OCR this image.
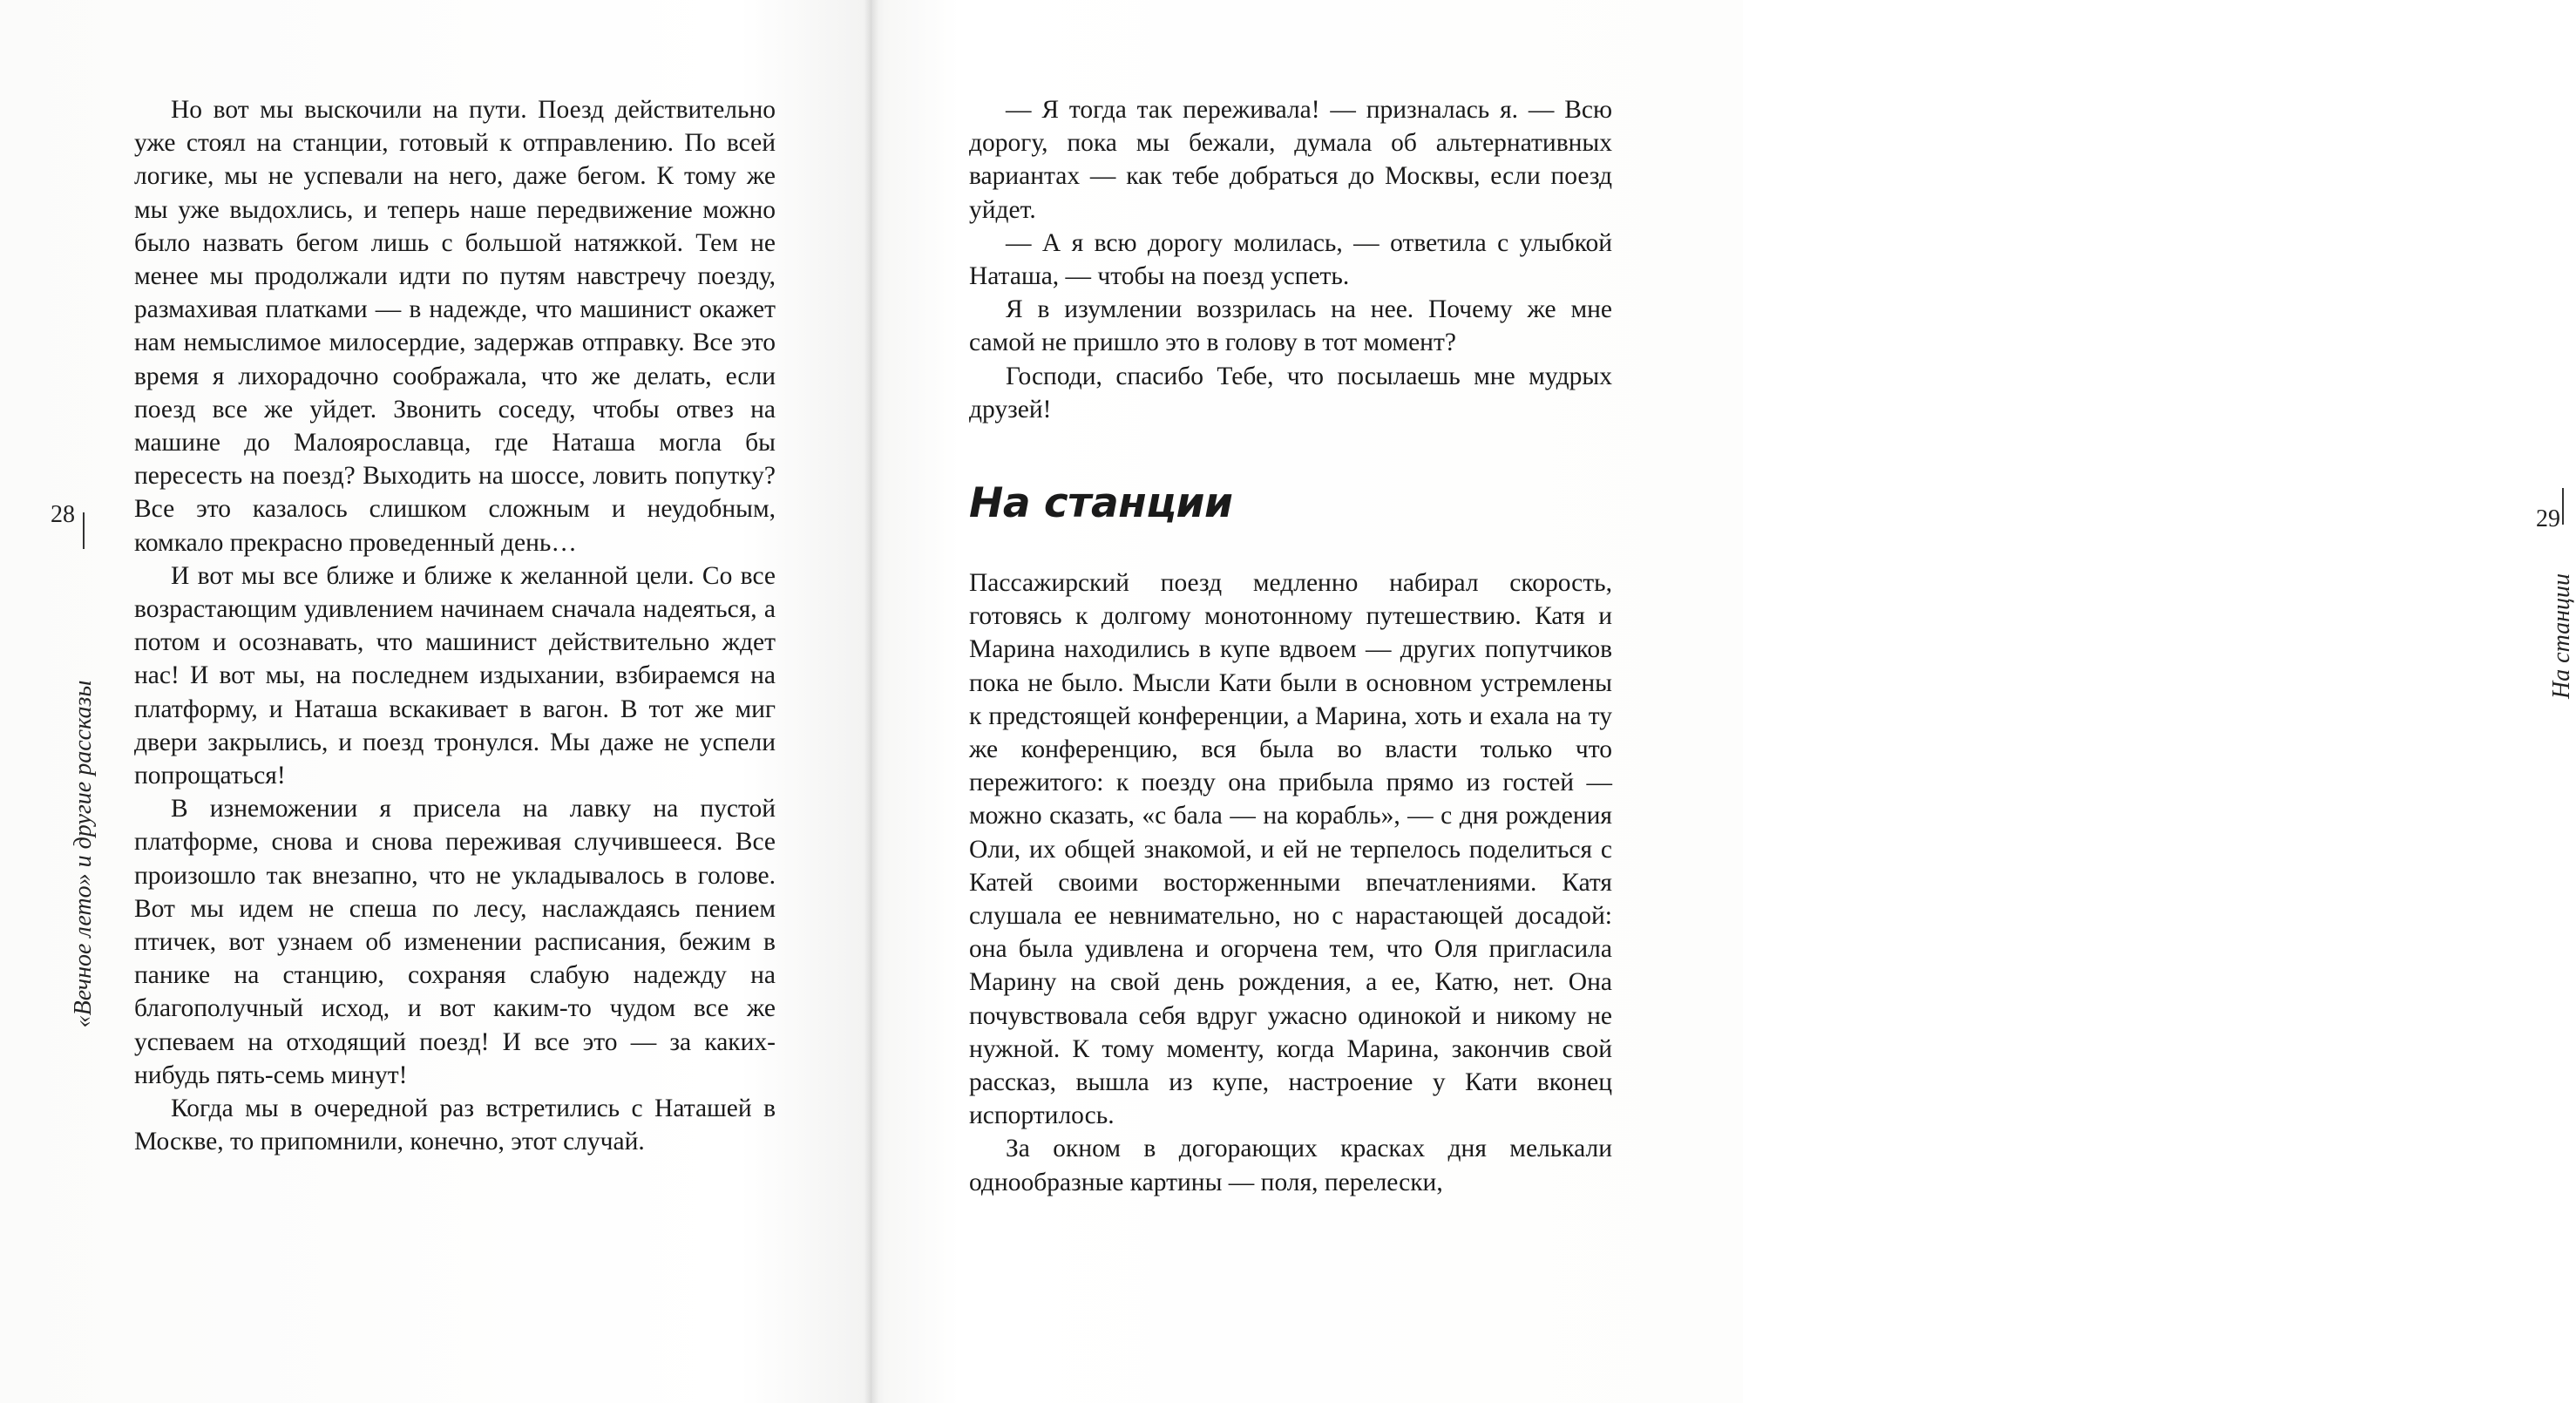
28
«Вечное лето» и другие рассказы

Но вот мы выскочили на пути. Поезд действительно уже стоял на станции, готовый к отправлению. По всей логике, мы не успевали на него, даже бегом. К тому же мы уже выдохлись, и теперь наше передвижение можно было назвать бегом лишь с большой натяжкой. Тем не менее мы продолжали идти по путям навстречу поезду, размахивая платками — в надежде, что машинист окажет нам немыслимое милосердие, задержав отправку. Все это время я лихорадочно соображала, что же делать, если поезд все же уйдет. Звонить соседу, чтобы отвез на машине до Малоярославца, где Наташа могла бы пересесть на поезд? Выходить на шоссе, ловить попутку? Все это казалось слишком сложным и неудобным, комкало прекрасно проведенный день…

И вот мы все ближе и ближе к желанной цели. Со все возрастающим удивлением начинаем сначала надеяться, а потом и осознавать, что машинист действительно ждет нас! И вот мы, на последнем издыхании, взбираемся на платформу, и Наташа вскакивает в вагон. В тот же миг двери закрылись, и поезд тронулся. Мы даже не успели попрощаться!

В изнеможении я присела на лавку на пустой платформе, снова и снова переживая случившееся. Все произошло так внезапно, что не укладывалось в голове. Вот мы идем не спеша по лесу, наслаждаясь пением птичек, вот узнаем об изменении расписания, бежим в панике на станцию, сохраняя слабую надежду на благополучный исход, и вот каким-то чудом все же успеваем на отходящий поезд! И все это — за каких-нибудь пять-семь минут!

Когда мы в очередной раз встретились с Наташей в Москве, то припомнили, конечно, этот случай.

29
На станции

— Я тогда так переживала! — призналась я. — Всю дорогу, пока мы бежали, думала об альтернативных вариантах — как тебе добраться до Москвы, если поезд уйдет.

— А я всю дорогу молилась, — ответила с улыбкой Наташа, — чтобы на поезд успеть.

Я в изумлении воззрилась на нее. Почему же мне самой не пришло это в голову в тот момент?

Господи, спасибо Тебе, что посылаешь мне мудрых друзей!

На станции

Пассажирский поезд медленно набирал скорость, готовясь к долгому монотонному путешествию. Катя и Марина находились в купе вдвоем — других попутчиков пока не было. Мысли Кати были в основном устремлены к предстоящей конференции, а Марина, хоть и ехала на ту же конференцию, вся была во власти только что пережитого: к поезду она прибыла прямо из гостей — можно сказать, «с бала — на корабль», — с дня рождения Оли, их общей знакомой, и ей не терпелось поделиться с Катей своими восторженными впечатлениями. Катя слушала ее невнимательно, но с нарастающей досадой: она была удивлена и огорчена тем, что Оля пригласила Марину на свой день рождения, а ее, Катю, нет. Она почувствовала себя вдруг ужасно одинокой и никому не нужной. К тому моменту, когда Марина, закончив свой рассказ, вышла из купе, настроение у Кати вконец испортилось.

За окном в догорающих красках дня мелькали однообразные картины — поля, перелески,
